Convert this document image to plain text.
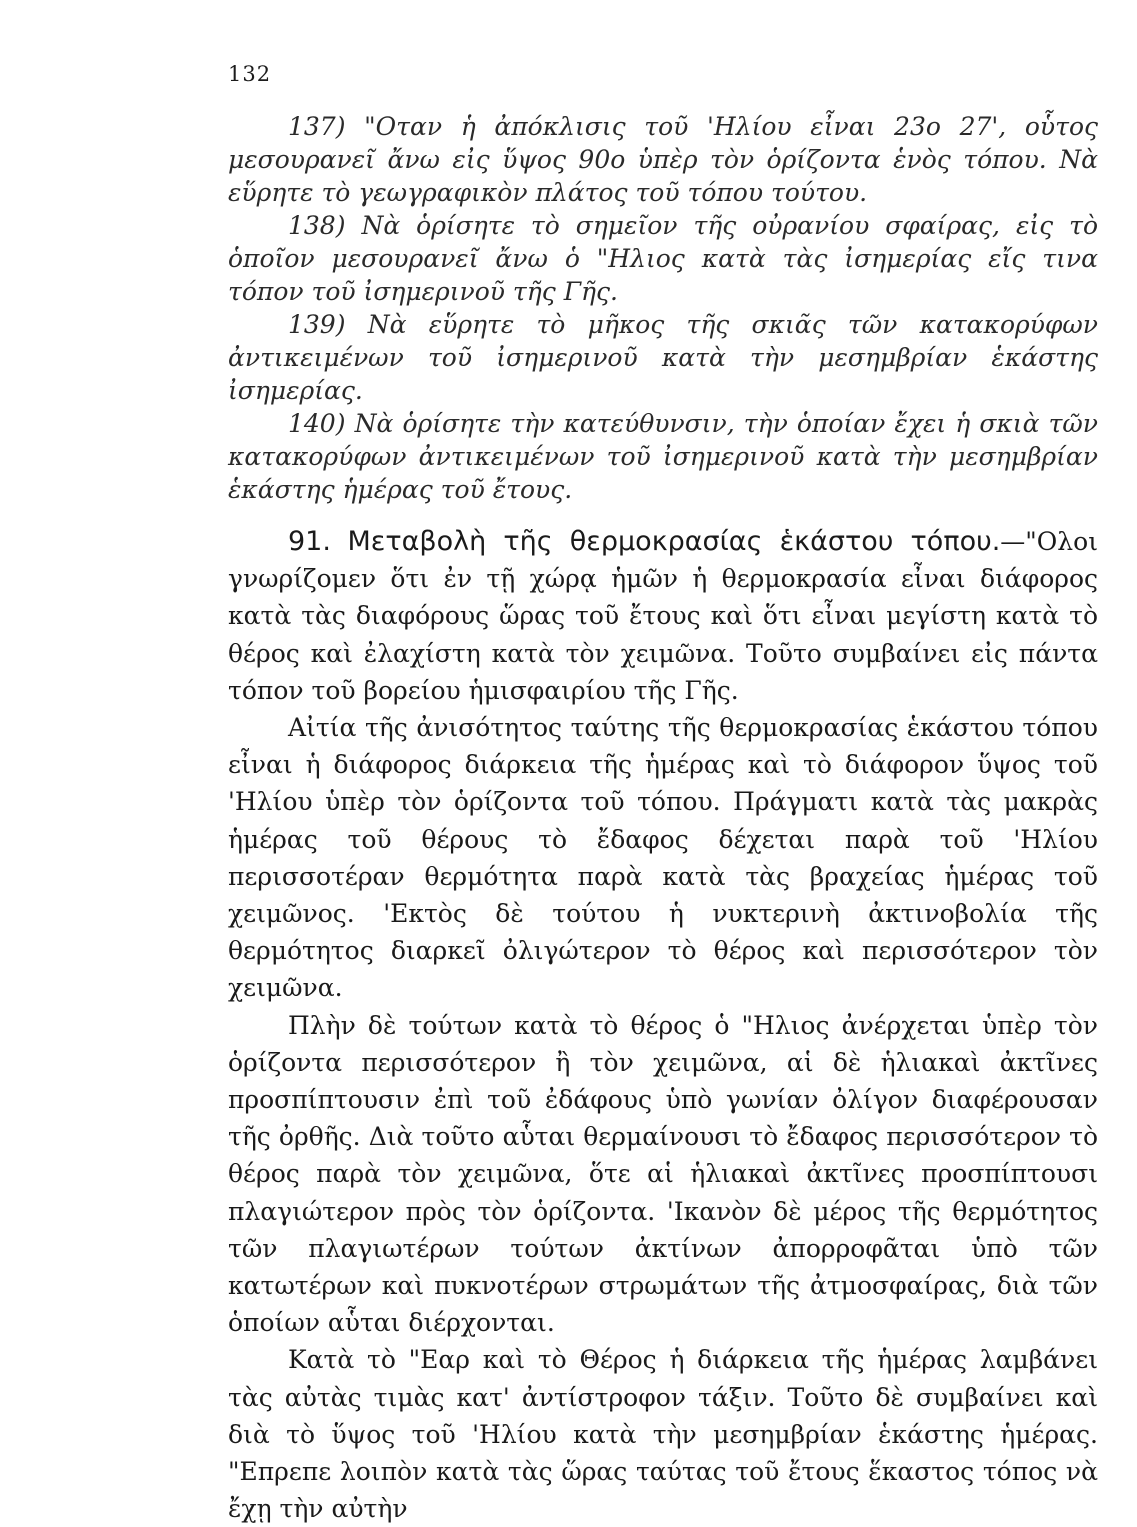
132

137) "Οταν ἡ ἀπόκλισις τοῦ 'Ηλίου εἶναι 23ο 27', οὗτος μεσουρανεῖ ἄνω εἰς ὕψος 90ο ὑπὲρ τὸν ὁρίζοντα ἑνὸς τόπου. Νὰ εὕρητε τὸ γεωγραφικὸν πλάτος τοῦ τόπου τούτου.

138) Νὰ ὁρίσητε τὸ σημεῖον τῆς οὐρανίου σφαίρας, εἰς τὸ ὁποῖον μεσουρανεῖ ἄνω ὁ "Ηλιος κατὰ τὰς ἰσημερίας εἴς τινα τόπον τοῦ ἰσημερινοῦ τῆς Γῆς.

139) Νὰ εὕρητε τὸ μῆκος τῆς σκιᾶς τῶν κατακορύφων ἀντικειμένων τοῦ ἰσημερινοῦ κατὰ τὴν μεσημβρίαν ἑκάστης ἰσημερίας.

140) Νὰ ὁρίσητε τὴν κατεύθυνσιν, τὴν ὁποίαν ἔχει ἡ σκιὰ τῶν κατακορύφων ἀντικειμένων τοῦ ἰσημερινοῦ κατὰ τὴν μεσημβρίαν ἑκάστης ἡμέρας τοῦ ἔτους.

91. Μεταβολὴ τῆς θερμοκρασίας ἑκάστου τόπου.—"Ολοι γνωρίζομεν ὅτι ἐν τῇ χώρᾳ ἡμῶν ἡ θερμοκρασία εἶναι διάφορος κατὰ τὰς διαφόρους ὥρας τοῦ ἔτους καὶ ὅτι εἶναι μεγίστη κατὰ τὸ θέρος καὶ ἐλαχίστη κατὰ τὸν χειμῶνα. Τοῦτο συμβαίνει εἰς πάντα τόπον τοῦ βορείου ἡμισφαιρίου τῆς Γῆς.

Αἰτία τῆς ἀνισότητος ταύτης τῆς θερμοκρασίας ἑκάστου τόπου εἶναι ἡ διάφορος διάρκεια τῆς ἡμέρας καὶ τὸ διάφορον ὕψος τοῦ 'Ηλίου ὑπὲρ τὸν ὁρίζοντα τοῦ τόπου. Πράγματι κατὰ τὰς μακρὰς ἡμέρας τοῦ θέρους τὸ ἔδαφος δέχεται παρὰ τοῦ 'Ηλίου περισσοτέραν θερμότητα παρὰ κατὰ τὰς βραχείας ἡμέρας τοῦ χειμῶνος. 'Εκτὸς δὲ τούτου ἡ νυκτερινὴ ἀκτινοβολία τῆς θερμότητος διαρκεῖ ὀλιγώτερον τὸ θέρος καὶ περισσότερον τὸν χειμῶνα.

Πλὴν δὲ τούτων κατὰ τὸ θέρος ὁ "Ηλιος ἀνέρχεται ὑπὲρ τὸν ὁρίζοντα περισσότερον ἢ τὸν χειμῶνα, αἱ δὲ ἡλιακαὶ ἀκτῖνες προσπίπτουσιν ἐπὶ τοῦ ἐδάφους ὑπὸ γωνίαν ὀλίγον διαφέρουσαν τῆς ὀρθῆς. Διὰ τοῦτο αὗται θερμαίνουσι τὸ ἔδαφος περισσότερον τὸ θέρος παρὰ τὸν χειμῶνα, ὅτε αἱ ἡλιακαὶ ἀκτῖνες προσπίπτουσι πλαγιώτερον πρὸς τὸν ὁρίζοντα. 'Ικανὸν δὲ μέρος τῆς θερμότητος τῶν πλαγιωτέρων τούτων ἀκτίνων ἀπορροφᾶται ὑπὸ τῶν κατωτέρων καὶ πυκνοτέρων στρωμάτων τῆς ἀτμοσφαίρας, διὰ τῶν ὁποίων αὗται διέρχονται.

Κατὰ τὸ "Εαρ καὶ τὸ Θέρος ἡ διάρκεια τῆς ἡμέρας λαμβάνει τὰς αὐτὰς τιμὰς κατ' ἀντίστροφον τάξιν. Τοῦτο δὲ συμβαίνει καὶ διὰ τὸ ὕψος τοῦ 'Ηλίου κατὰ τὴν μεσημβρίαν ἑκάστης ἡμέρας. "Επρεπε λοιπὸν κατὰ τὰς ὥρας ταύτας τοῦ ἔτους ἕκαστος τόπος νὰ ἔχῃ τὴν αὐτὴν
